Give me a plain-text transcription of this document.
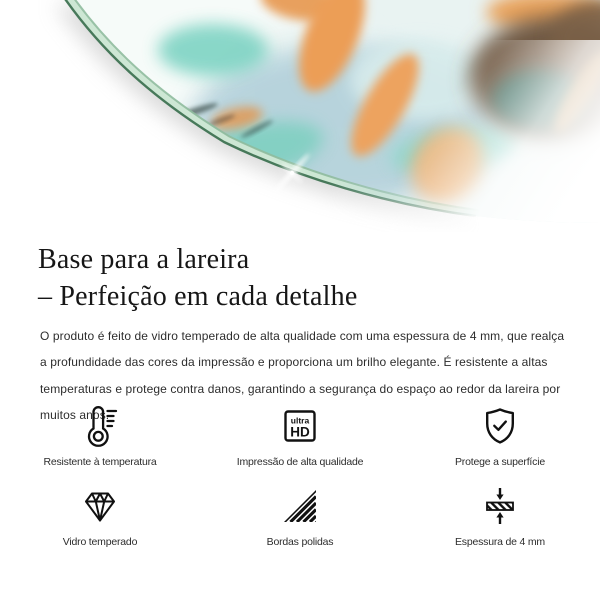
Base para a lareira
– Perfeição em cada detalhe

O produto é feito de vidro temperado de alta qualidade com uma espessura de 4 mm, que realça
a profundidade das cores da impressão e proporciona um brilho elegante. É resistente a altas
temperaturas e protege contra danos, garantindo a segurança do espaço ao redor da lareira por
muitos anos.

Resistente à temperatura
ultra
HD
Impressão de alta qualidade	Protege a superfície
Vidro temperado	Bordas polidas	Espessura de 4 mm
